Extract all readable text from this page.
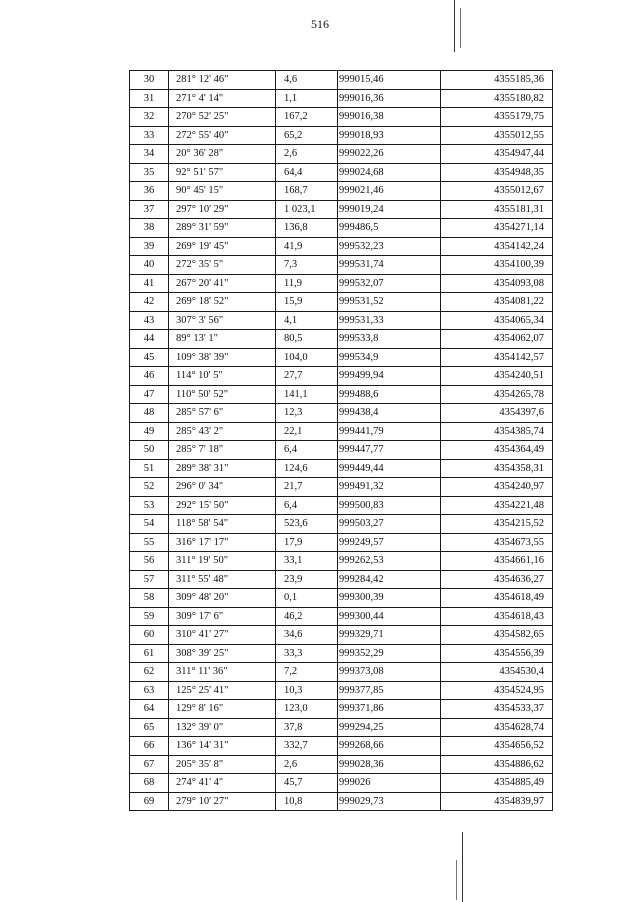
516
30	281° 12' 46"	4,6	999015,46	4355185,36
31	271° 4' 14"	1,1	999016,36	4355180,82
32	270° 52' 25"	167,2	999016,38	4355179,75
33	272° 55' 40"	65,2	999018,93	4355012,55
34	20° 36' 28"	2,6	999022,26	4354947,44
35	92° 51' 57"	64,4	999024,68	4354948,35
36	90° 45' 15"	168,7	999021,46	4355012,67
37	297° 10' 29"	1 023,1	999019,24	4355181,31
38	289° 31' 59"	136,8	999486,5	4354271,14
39	269° 19' 45"	41,9	999532,23	4354142,24
40	272° 35' 5"	7,3	999531,74	4354100,39
41	267° 20' 41"	11,9	999532,07	4354093,08
42	269° 18' 52"	15,9	999531,52	4354081,22
43	307° 3' 56"	4,1	999531,33	4354065,34
44	89° 13' 1"	80,5	999533,8	4354062,07
45	109° 38' 39"	104,0	999534,9	4354142,57
46	114° 10' 5"	27,7	999499,94	4354240,51
47	110° 50' 52"	141,1	999488,6	4354265,78
48	285° 57' 6"	12,3	999438,4	4354397,6
49	285° 43' 2"	22,1	999441,79	4354385,74
50	285° 7' 18"	6,4	999447,77	4354364,49
51	289° 38' 31"	124,6	999449,44	4354358,31
52	296° 0' 34"	21,7	999491,32	4354240,97
53	292° 15' 50"	6,4	999500,83	4354221,48
54	118° 58' 54"	523,6	999503,27	4354215,52
55	316° 17' 17"	17,9	999249,57	4354673,55
56	311° 19' 50"	33,1	999262,53	4354661,16
57	311° 55' 48"	23,9	999284,42	4354636,27
58	309° 48' 20"	0,1	999300,39	4354618,49
59	309° 17' 6"	46,2	999300,44	4354618,43
60	310° 41' 27"	34,6	999329,71	4354582,65
61	308° 39' 25"	33,3	999352,29	4354556,39
62	311° 11' 36"	7,2	999373,08	4354530,4
63	125° 25' 41"	10,3	999377,85	4354524,95
64	129° 8' 16"	123,0	999371,86	4354533,37
65	132° 39' 0"	37,8	999294,25	4354628,74
66	136° 14' 31"	332,7	999268,66	4354656,52
67	205° 35' 8"	2,6	999028,36	4354886,62
68	274° 41' 4"	45,7	999026	4354885,49
69	279° 10' 27"	10,8	999029,73	4354839,97
